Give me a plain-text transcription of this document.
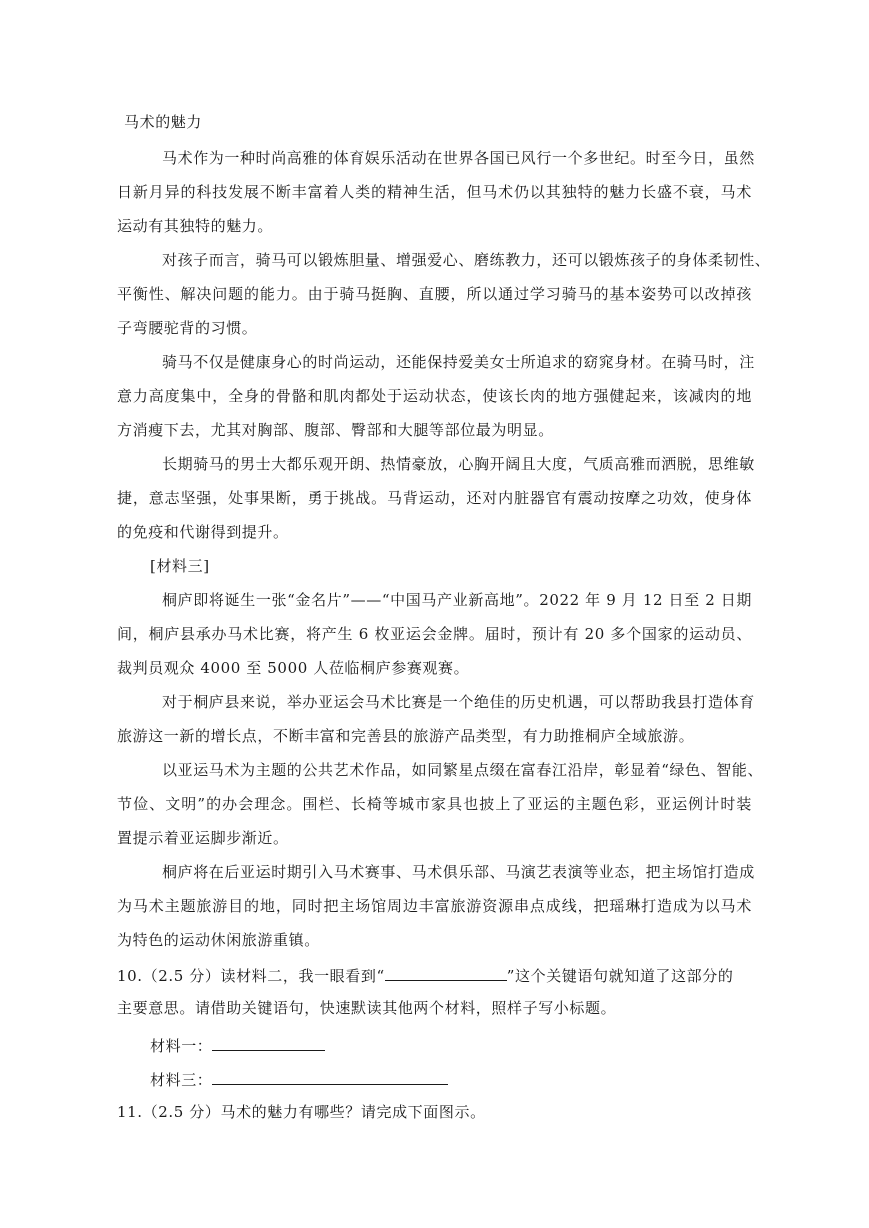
马术的魅力

马术作为一种时尚高雅的体育娱乐活动在世界各国已风行一个多世纪。时至今日，虽然

日新月异的科技发展不断丰富着人类的精神生活，但马术仍以其独特的魅力长盛不衰，马术

运动有其独特的魅力。

对孩子而言，骑马可以锻炼胆量、增强爱心、磨练教力，还可以锻炼孩子的身体柔韧性、

平衡性、解决问题的能力。由于骑马挺胸、直腰，所以通过学习骑马的基本姿势可以改掉孩

子弯腰驼背的习惯。

骑马不仅是健康身心的时尚运动，还能保持爱美女士所追求的窈窕身材。在骑马时，注

意力高度集中，全身的骨骼和肌肉都处于运动状态，使该长肉的地方强健起来，该减肉的地

方消瘦下去，尤其对胸部、腹部、臀部和大腿等部位最为明显。

长期骑马的男士大都乐观开朗、热情豪放，心胸开阔且大度，气质高雅而洒脱，思维敏

捷，意志坚强，处事果断，勇于挑战。马背运动，还对内脏器官有震动按摩之功效，使身体

的免疫和代谢得到提升。

[材料三]

桐庐即将诞生一张“金名片”——“中国马产业新高地”。2022 年 9 月 12 日至 2 日期

间，桐庐县承办马术比赛，将产生 6 枚亚运会金牌。届时，预计有 20 多个国家的运动员、

裁判员观众 4000 至 5000 人莅临桐庐参赛观赛。

对于桐庐县来说，举办亚运会马术比赛是一个绝佳的历史机遇，可以帮助我县打造体育

旅游这一新的增长点，不断丰富和完善县的旅游产品类型，有力助推桐庐全域旅游。

以亚运马术为主题的公共艺术作品，如同繁星点缀在富春江沿岸，彰显着“绿色、智能、

节俭、文明”的办会理念。围栏、长椅等城市家具也披上了亚运的主题色彩，亚运例计时装

置提示着亚运脚步渐近。

桐庐将在后亚运时期引入马术赛事、马术俱乐部、马演艺表演等业态，把主场馆打造成

为马术主题旅游目的地，同时把主场馆周边丰富旅游资源串点成线，把瑶琳打造成为以马术

为特色的运动休闲旅游重镇。

10.（2.5 分）读材料二，我一眼看到“	”这个关键语句就知道了这部分的

主要意思。请借助关键语句，快速默读其他两个材料，照样子写小标题。

材料一：

材料三：

11.（2.5 分）马术的魅力有哪些？请完成下面图示。
